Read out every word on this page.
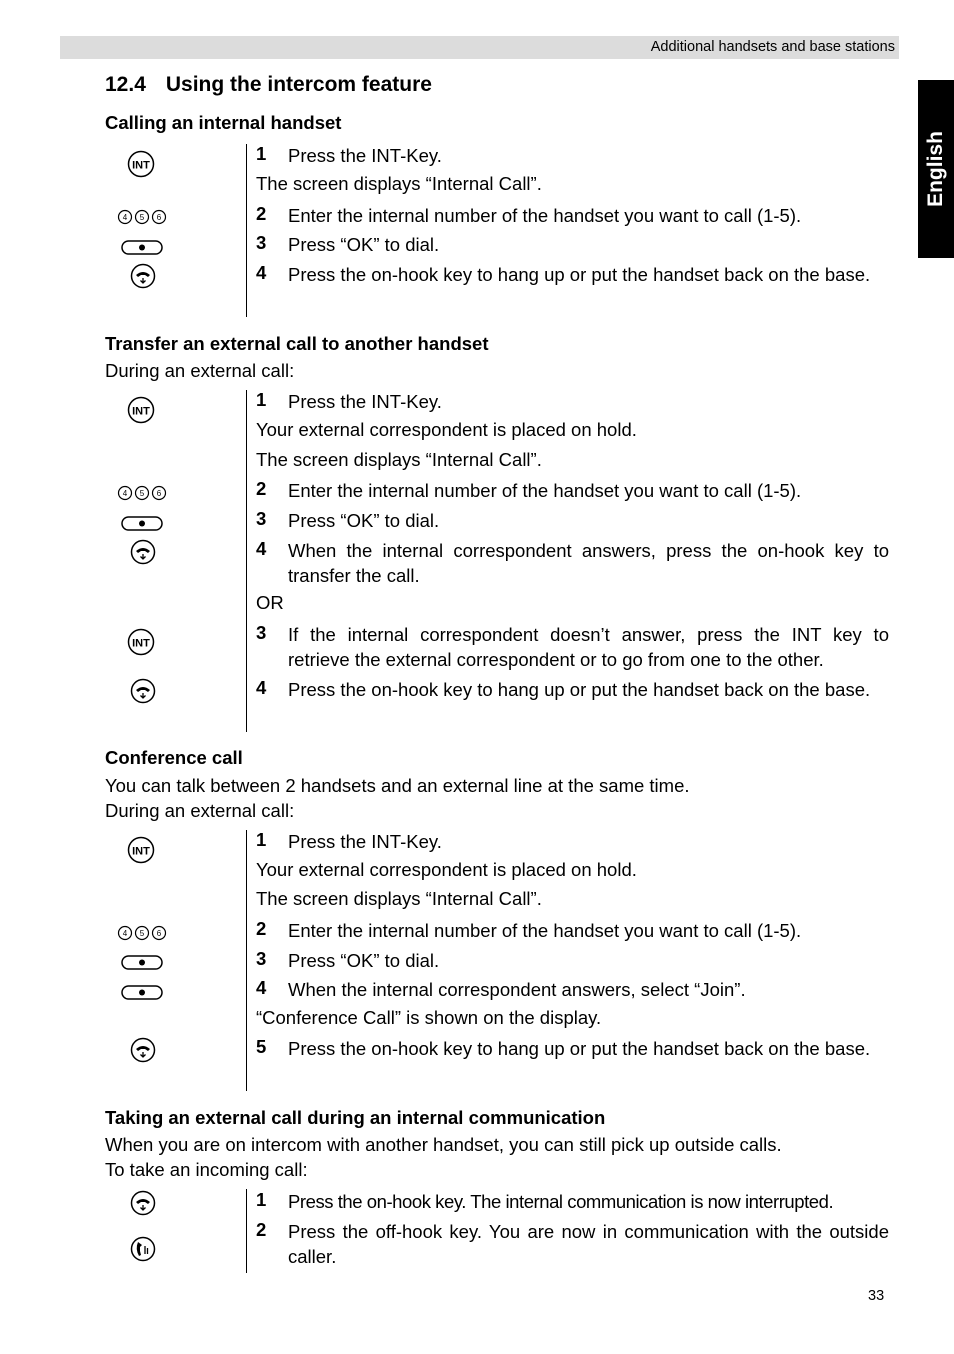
Additional handsets and base stations
English
12.4 Using the intercom feature
Calling an internal handset
INT
1	Press the INT-Key.
The screen displays “Internal Call”.
4 5 6	2	Enter the internal number of the handset you want to call (1-5).
3	Press “OK” to dial.
4	Press the on-hook key to hang up or put the handset back on the base.
Transfer an external call to another handset
During an external call:
INT
1	Press the INT-Key.
Your external correspondent is placed on hold.
The screen displays “Internal Call”.
4 5 6	2	Enter the internal number of the handset you want to call (1-5).
3	Press “OK” to dial.
4	When the internal correspondent answers, press the on-hook key to transfer the call.
OR
INT
3	If the internal correspondent doesn’t answer, press the INT key to retrieve the external correspondent or to go from one to the other.
4	Press the on-hook key to hang up or put the handset back on the base.
Conference call
You can talk between 2 handsets and an external line at the same time.
During an external call:
INT
1	Press the INT-Key.
Your external correspondent is placed on hold.
The screen displays “Internal Call”.
4 5 6	2	Enter the internal number of the handset you want to call (1-5).
3	Press “OK” to dial.
4	When the internal correspondent answers, select “Join”.
“Conference Call” is shown on the display.
5	Press the on-hook key to hang up or put the handset back on the base.
Taking an external call during an internal communication
When you are on intercom with another handset, you can still pick up outside calls.
To take an incoming call:
1	Press the on-hook key. The internal communication is now interrupted.
2	Press the off-hook key. You are now in communication with the outside caller.
33
